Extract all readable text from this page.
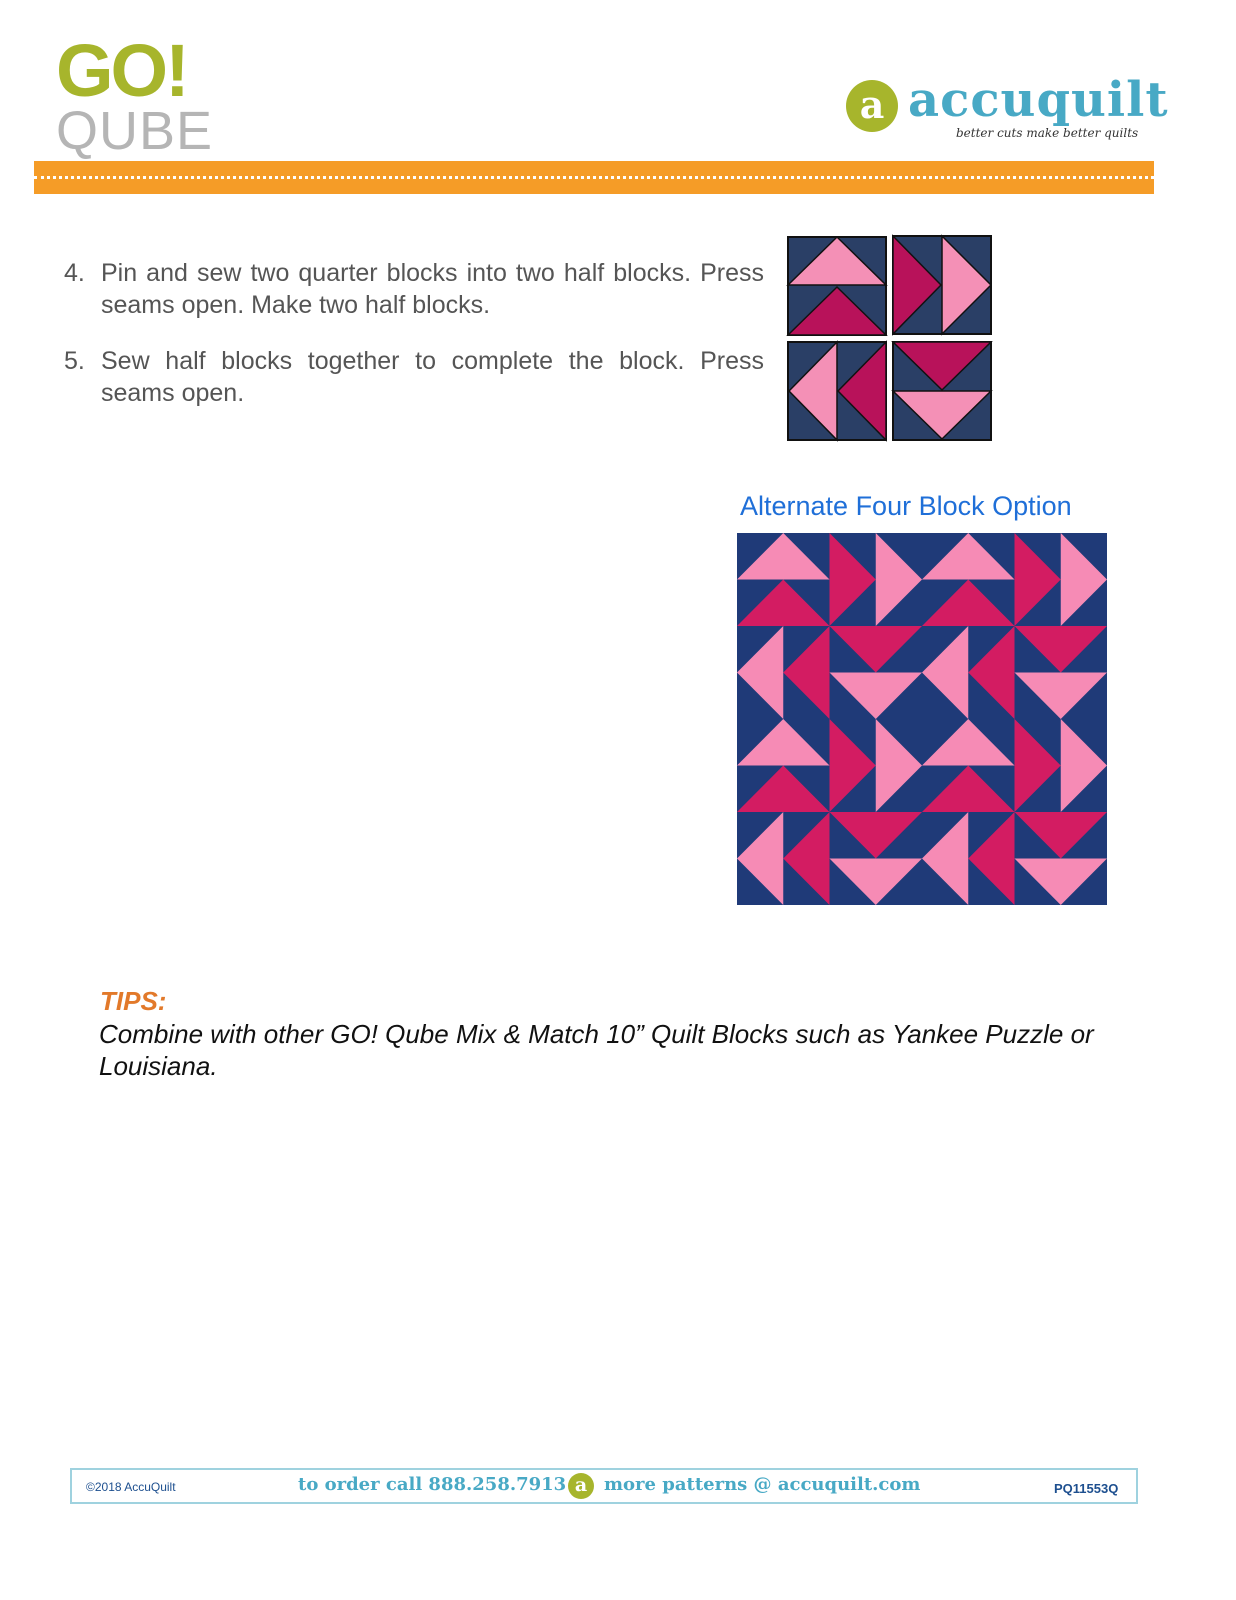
GO!
QUBE	a accuquilt
better cuts make better quilts
4. Pin and sew two quarter blocks into two half blocks. Press seams open. Make two half blocks.
5. Sew half blocks together to complete the block. Press seams open.
Alternate Four Block Option
TIPS:
Combine with other GO! Qube Mix & Match 10” Quilt Blocks such as Yankee Puzzle or Louisiana.
©2018 AccuQuilt	to order call 888.258.7913 a more patterns @ accuquilt.com	PQ11553Q
